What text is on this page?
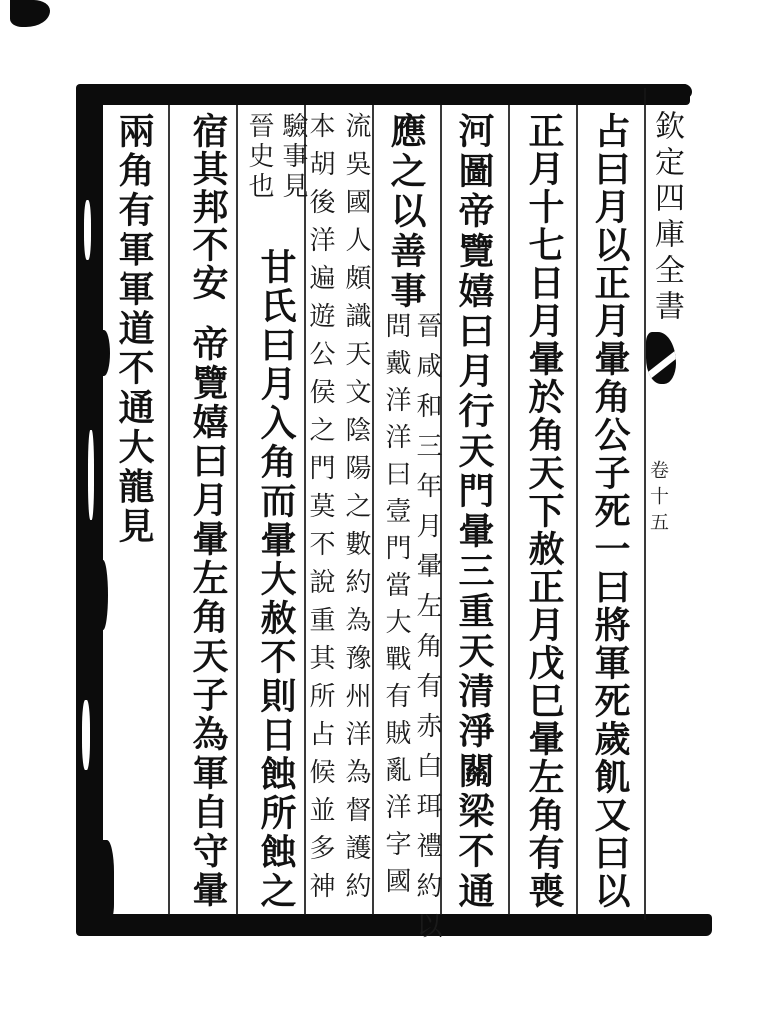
欽定四庫全書
卷十五
占曰月以正月暈角公子死一曰將軍死歲飢又曰以
正月十七日月暈於角天下赦正月戊巳暈左角有喪
河圖帝覽嬉曰月行天門暈三重天清淨關梁不通
應之以善事
晉咸和三年月暈左角有赤白珥禮約以
問戴洋洋曰壹門當大戰有賊亂洋字國
流吳國人頗識天文陰陽之數約為豫州洋為督護約
本胡後洋遍遊公侯之門莫不說重其所占候並多神
驗事見
晉史也
甘氏曰月入角而暈大赦不則日蝕所蝕之
宿其邦不安
帝覽嬉曰月暈左角天子為軍自守暈
兩角有軍軍道不通大龍見
